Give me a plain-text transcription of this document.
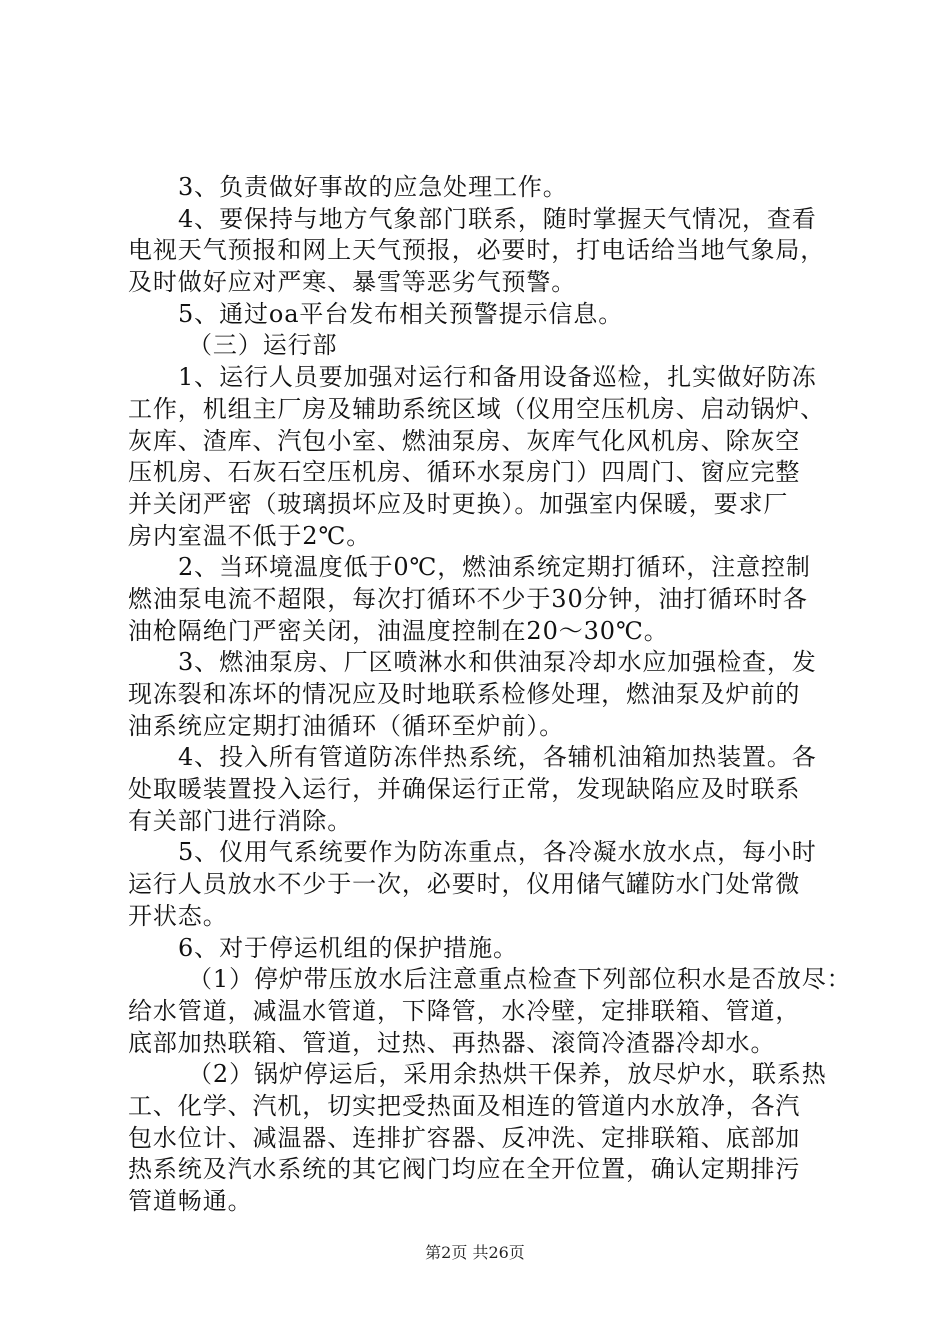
3、负责做好事故的应急处理工作。
4、要保持与地方气象部门联系，随时掌握天气情况，查看
电视天气预报和网上天气预报，必要时，打电话给当地气象局，
及时做好应对严寒、暴雪等恶劣气预警。
5、通过oa平台发布相关预警提示信息。
（三）运行部
1、运行人员要加强对运行和备用设备巡检，扎实做好防冻
工作，机组主厂房及辅助系统区域（仪用空压机房、启动锅炉、
灰库、渣库、汽包小室、燃油泵房、灰库气化风机房、除灰空
压机房、石灰石空压机房、循环水泵房门）四周门、窗应完整
并关闭严密（玻璃损坏应及时更换）。加强室内保暖，要求厂
房内室温不低于2℃。
2、当环境温度低于0℃，燃油系统定期打循环，注意控制
燃油泵电流不超限，每次打循环不少于30分钟，油打循环时各
油枪隔绝门严密关闭，油温度控制在20～30℃。
3、燃油泵房、厂区喷淋水和供油泵冷却水应加强检查，发
现冻裂和冻坏的情况应及时地联系检修处理，燃油泵及炉前的
油系统应定期打油循环（循环至炉前）。
4、投入所有管道防冻伴热系统，各辅机油箱加热装置。各
处取暖装置投入运行，并确保运行正常，发现缺陷应及时联系
有关部门进行消除。
5、仪用气系统要作为防冻重点，各冷凝水放水点，每小时
运行人员放水不少于一次，必要时，仪用储气罐防水门处常微
开状态。
6、对于停运机组的保护措施。
（1）停炉带压放水后注意重点检查下列部位积水是否放尽：
给水管道，减温水管道，下降管，水冷壁，定排联箱、管道，
底部加热联箱、管道，过热、再热器、滚筒冷渣器冷却水。
（2）锅炉停运后，采用余热烘干保养，放尽炉水，联系热
工、化学、汽机，切实把受热面及相连的管道内水放净，各汽
包水位计、减温器、连排扩容器、反冲洗、定排联箱、底部加
热系统及汽水系统的其它阀门均应在全开位置，确认定期排污
管道畅通。
第2页 共26页
